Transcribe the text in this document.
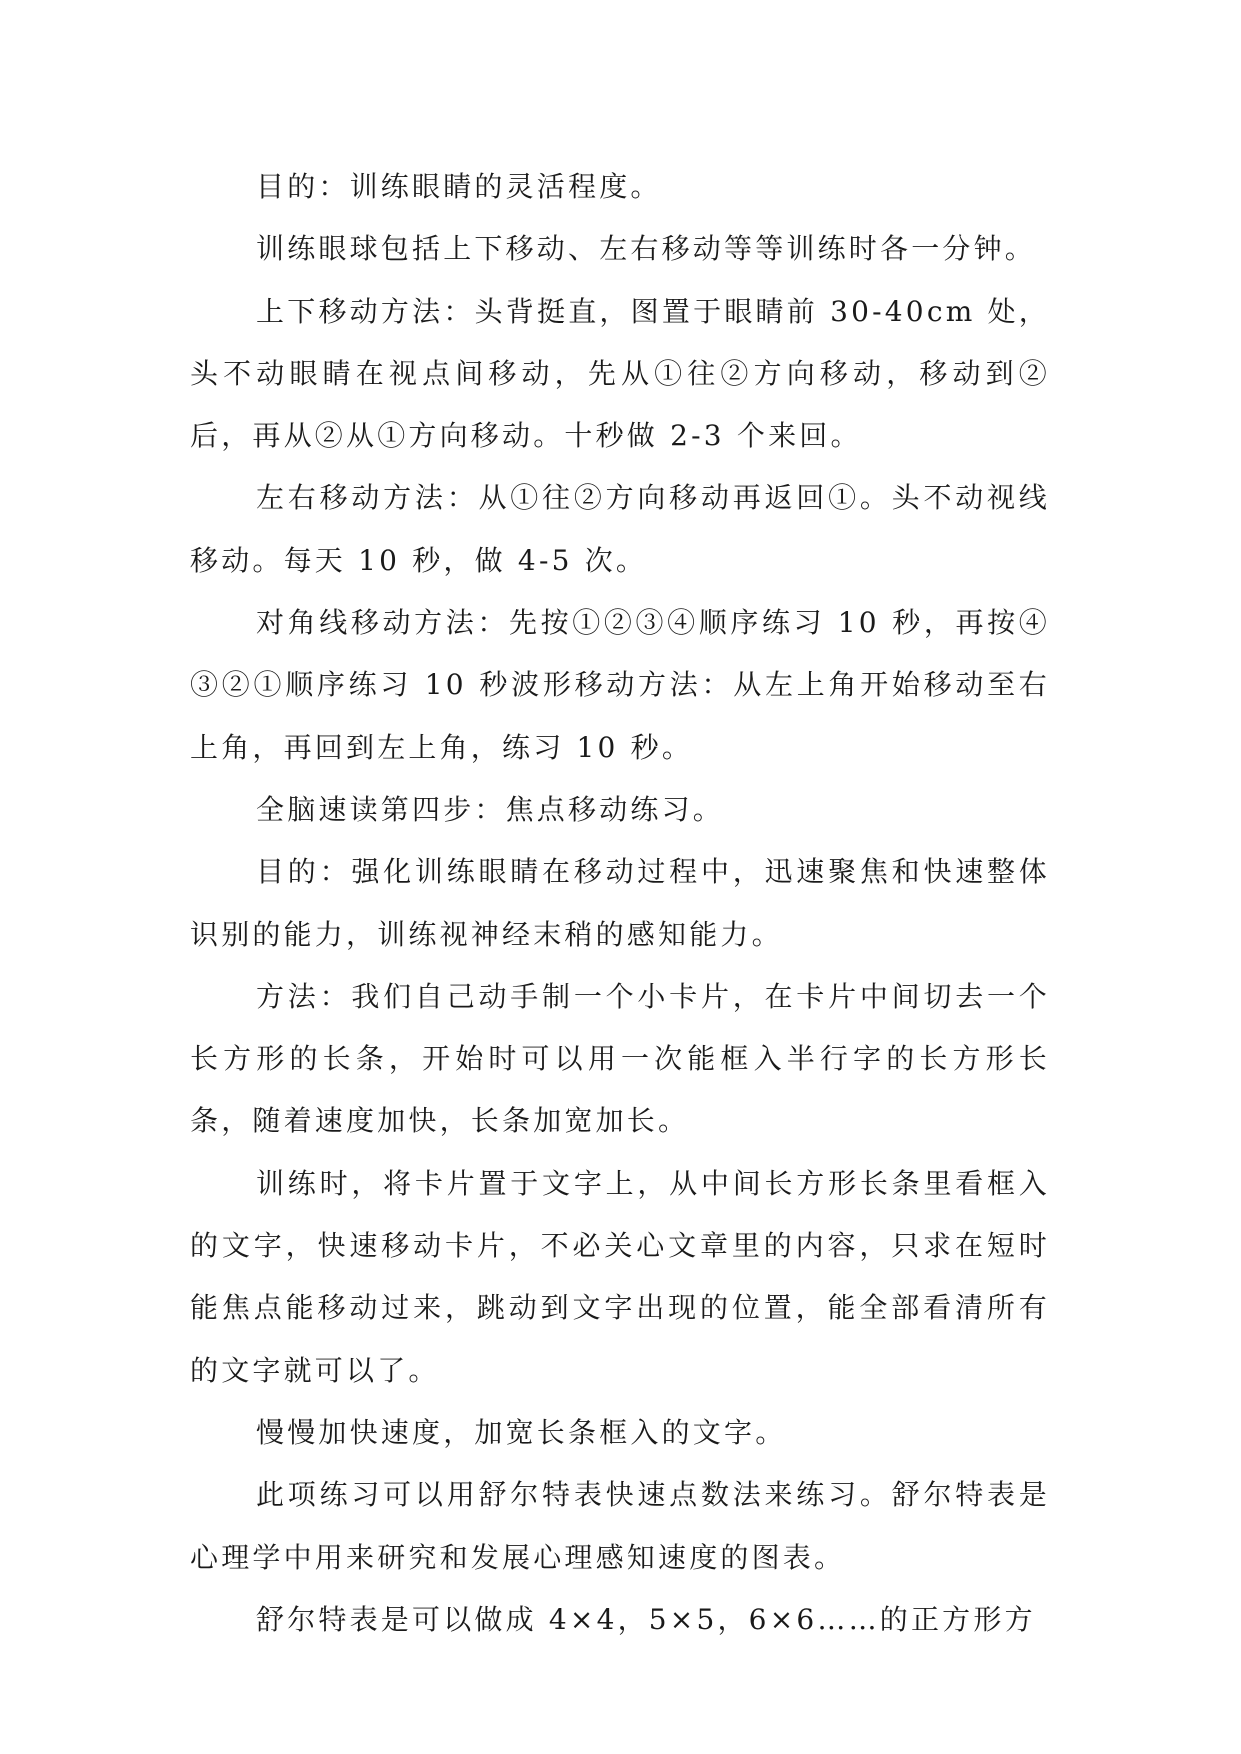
目的：训练眼睛的灵活程度。

训练眼球包括上下移动、左右移动等等训练时各一分钟。

上下移动方法：头背挺直，图置于眼睛前 30-40cm 处，头不动眼睛在视点间移动，先从①往②方向移动，移动到②后，再从②从①方向移动。十秒做 2-3 个来回。

左右移动方法：从①往②方向移动再返回①。头不动视线移动。每天 10 秒，做 4-5 次。

对角线移动方法：先按①②③④顺序练习 10 秒，再按④③②①顺序练习 10 秒波形移动方法：从左上角开始移动至右上角，再回到左上角，练习 10 秒。

全脑速读第四步：焦点移动练习。

目的：强化训练眼睛在移动过程中，迅速聚焦和快速整体识别的能力，训练视神经末稍的感知能力。

方法：我们自己动手制一个小卡片，在卡片中间切去一个长方形的长条，开始时可以用一次能框入半行字的长方形长条，随着速度加快，长条加宽加长。

训练时，将卡片置于文字上，从中间长方形长条里看框入的文字，快速移动卡片，不必关心文章里的内容，只求在短时能焦点能移动过来，跳动到文字出现的位置，能全部看清所有的文字就可以了。

慢慢加快速度，加宽长条框入的文字。

此项练习可以用舒尔特表快速点数法来练习。舒尔特表是心理学中用来研究和发展心理感知速度的图表。

舒尔特表是可以做成 4×4，5×5，6×6……的正方形方
